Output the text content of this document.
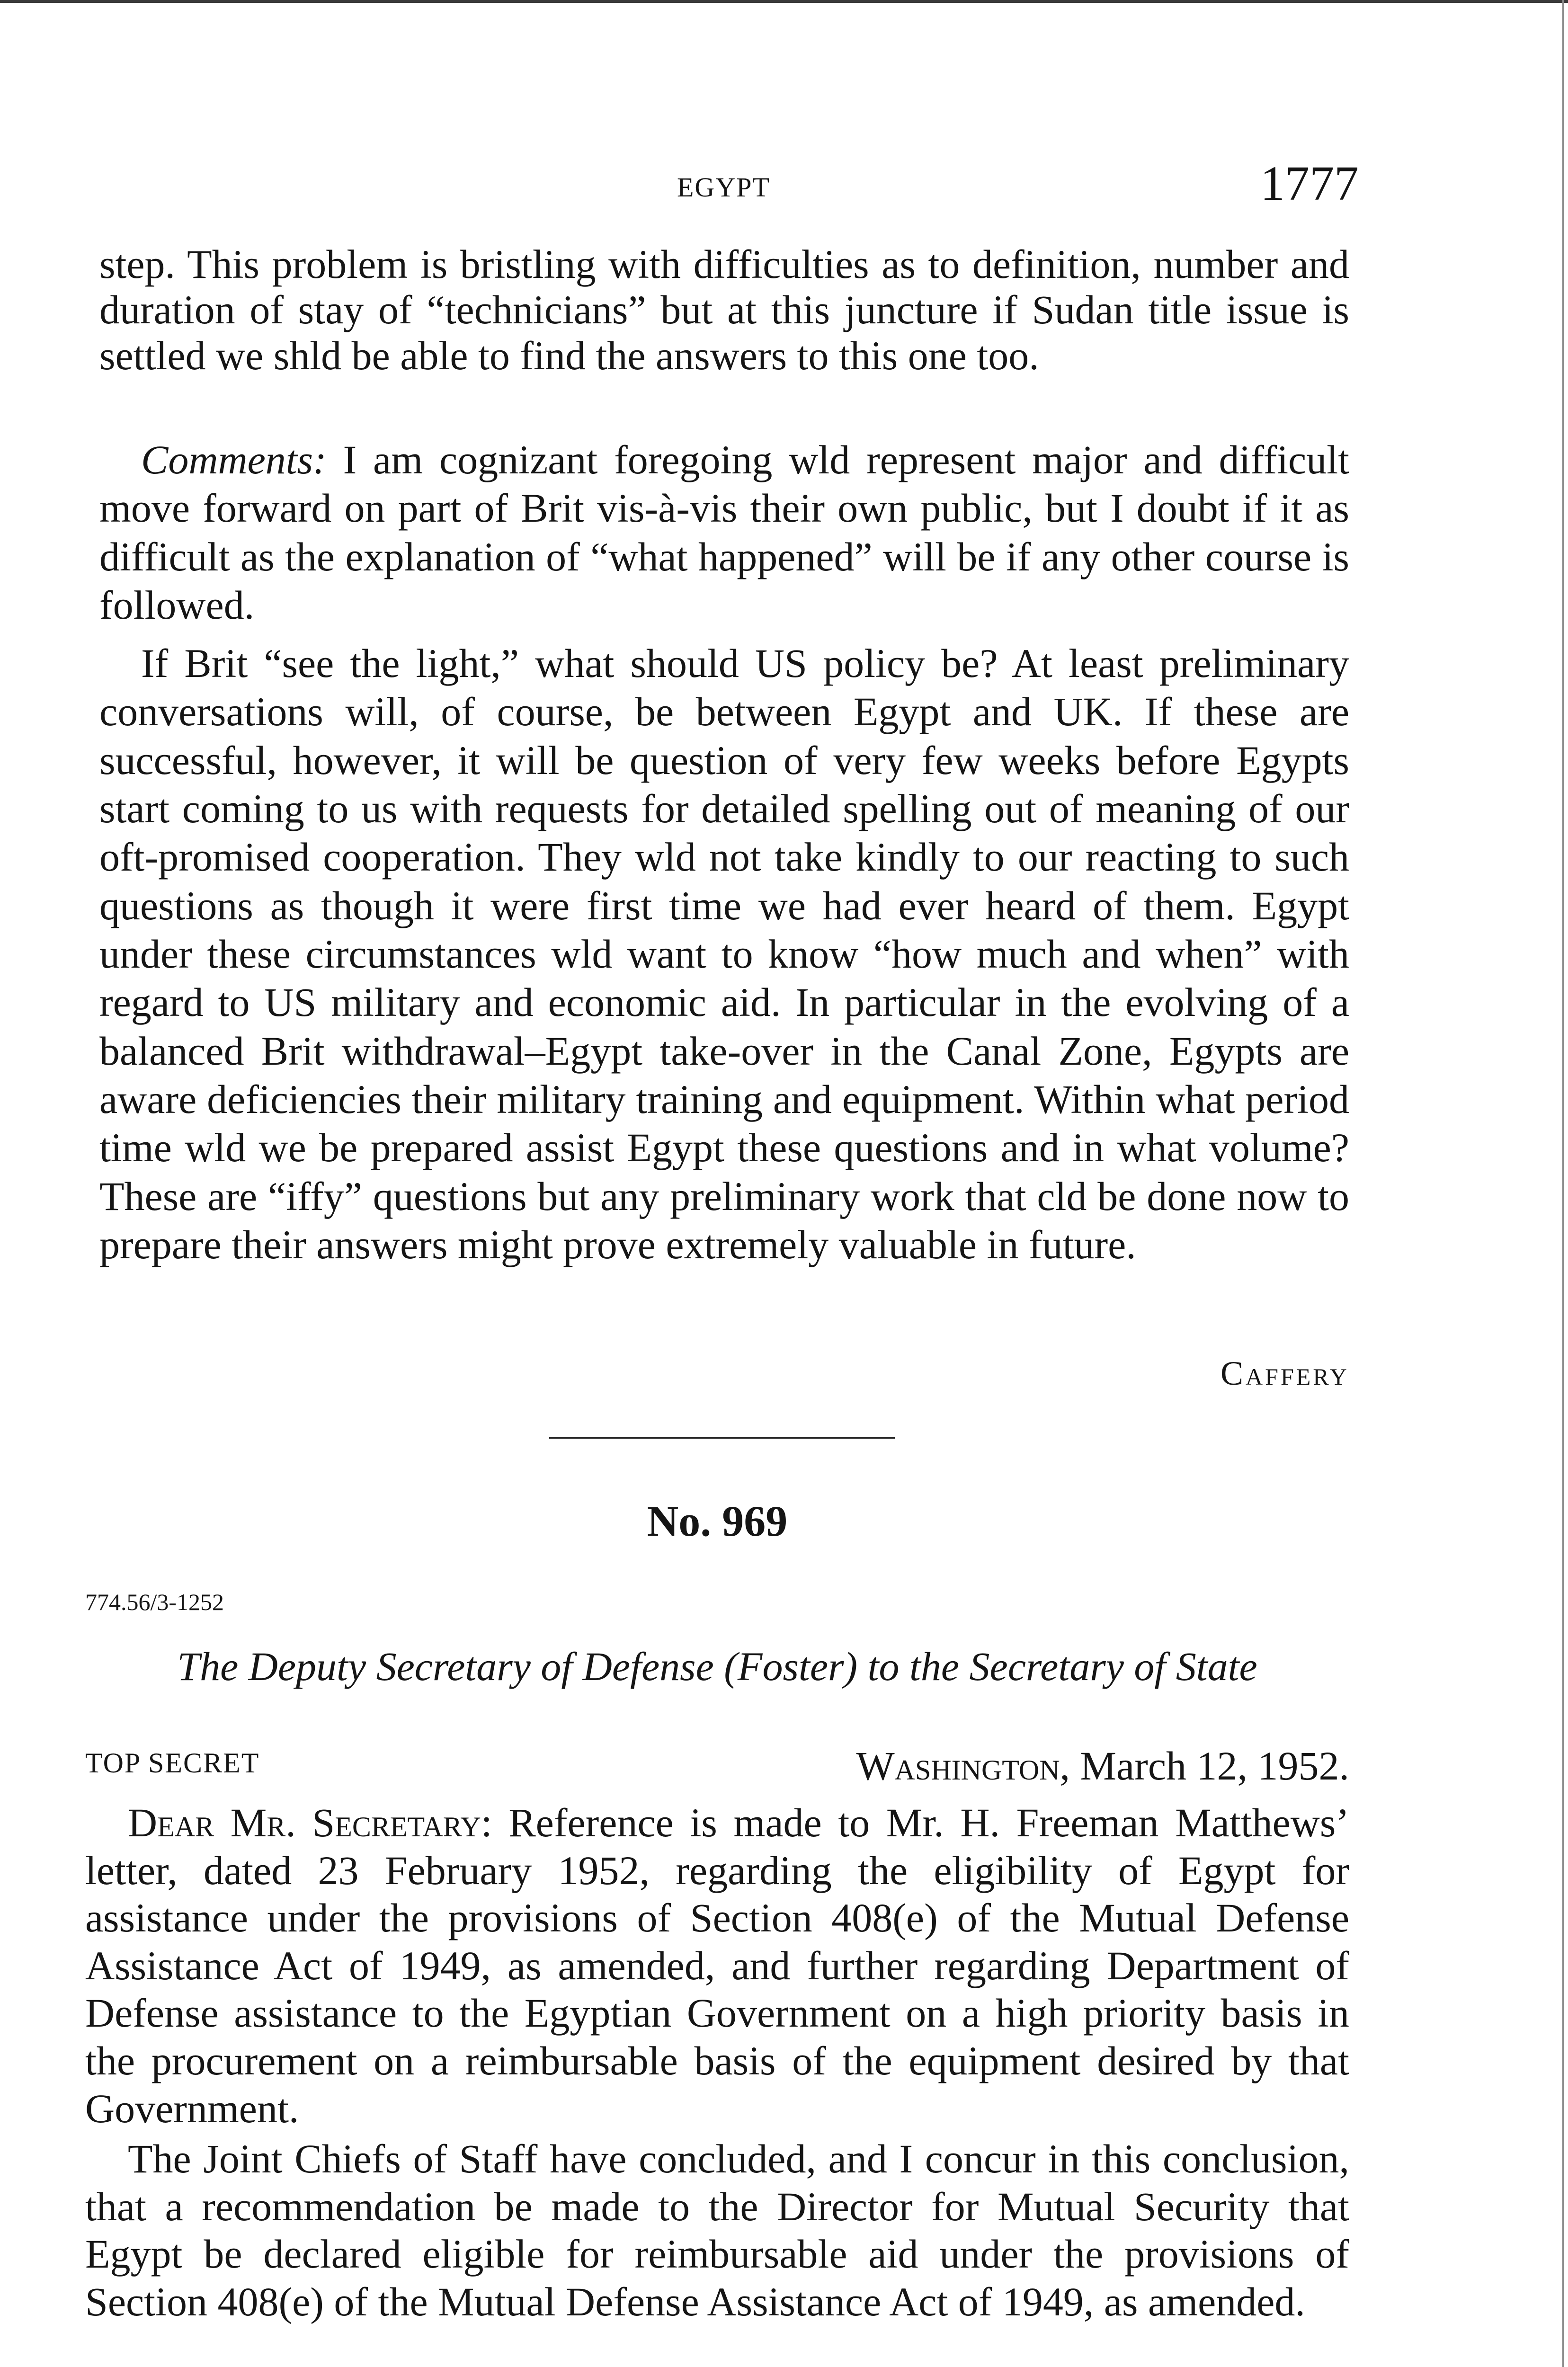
EGYPT	1777
step. This problem is bristling with difficulties as to definition, number and duration of stay of “technicians” but at this juncture if Sudan title issue is settled we shld be able to find the answers to this one too.
Comments: I am cognizant foregoing wld represent major and difficult move forward on part of Brit vis-à-vis their own public, but I doubt if it as difficult as the explanation of “what happened” will be if any other course is followed.
If Brit “see the light,” what should US policy be? At least preliminary conversations will, of course, be between Egypt and UK. If these are successful, however, it will be question of very few weeks before Egypts start coming to us with requests for detailed spelling out of meaning of our oft-promised cooperation. They wld not take kindly to our reacting to such questions as though it were first time we had ever heard of them. Egypt under these circumstances wld want to know “how much and when” with regard to US military and economic aid. In particular in the evolving of a balanced Brit withdrawal–Egypt take-over in the Canal Zone, Egypts are aware deficiencies their military training and equipment. Within what period time wld we be prepared assist Egypt these questions and in what volume? These are “iffy” questions but any preliminary work that cld be done now to prepare their answers might prove extremely valuable in future.
Caffery
No. 969
774.56/3-1252
The Deputy Secretary of Defense (Foster) to the Secretary of State
TOP SECRET	Washington, March 12, 1952.
Dear Mr. Secretary: Reference is made to Mr. H. Freeman Matthews’ letter, dated 23 February 1952, regarding the eligibility of Egypt for assistance under the provisions of Section 408(e) of the Mutual Defense Assistance Act of 1949, as amended, and further regarding Department of Defense assistance to the Egyptian Government on a high priority basis in the procurement on a reimbursable basis of the equipment desired by that Government.
The Joint Chiefs of Staff have concluded, and I concur in this conclusion, that a recommendation be made to the Director for Mutual Security that Egypt be declared eligible for reimbursable aid under the provisions of Section 408(e) of the Mutual Defense Assistance Act of 1949, as amended.
